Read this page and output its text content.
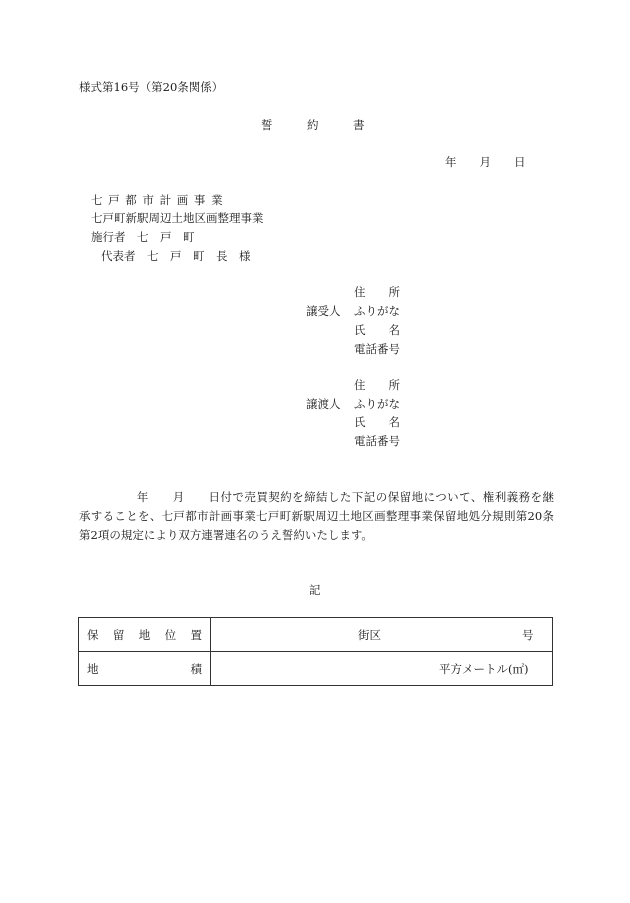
様式第16号（第20条関係）
誓　　　約　　　書
年　　月　　日
七 戸 都 市 計 画 事 業
七戸町新駅周辺土地区画整理事業
施行者　七　戸　町
代表者　七　戸　町　長　様
譲受人
住　　所
ふりがな
氏　　名
電話番号
譲渡人
住　　所
ふりがな
氏　　名
電話番号
　　年　　月　　日付で売買契約を締結した下記の保留地について、権利義務を継
承することを、七戸都市計画事業七戸町新駅周辺土地区画整理事業保留地処分規則第20条
第2項の規定により双方連署連名のうえ誓約いたします。
記
保留地位置	街区 号

地積	平方メートル(㎡)
